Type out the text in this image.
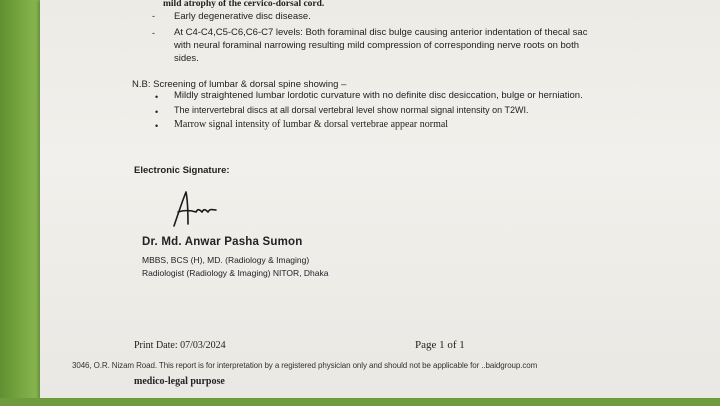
mild atrophy of the cervico-dorsal cord.
- Early degenerative disc disease.
- At C4-C4,C5-C6,C6-C7 levels: Both foraminal disc bulge causing anterior indentation of thecal sac
with neural foraminal narrowing resulting mild compression of corresponding nerve roots on both
sides.
N.B: Screening of lumbar & dorsal spine showing –
• Mildly straightened lumbar lordotic curvature with no definite disc desiccation, bulge or herniation.
• The intervertebral discs at all dorsal vertebral level show normal signal intensity on T2WI.
• Marrow signal intensity of lumbar & dorsal vertebrae appear normal
Electronic Signature:
Dr. Md. Anwar Pasha Sumon
MBBS, BCS (H), MD. (Radiology & Imaging)
Radiologist (Radiology & Imaging) NITOR, Dhaka
Print Date: 07/03/2024	Page 1 of 1
3046, O.R. Nizam Road. This report is for interpretation by a registered physician only and should not be applicable for ..baidgroup.com
medico-legal purpose
